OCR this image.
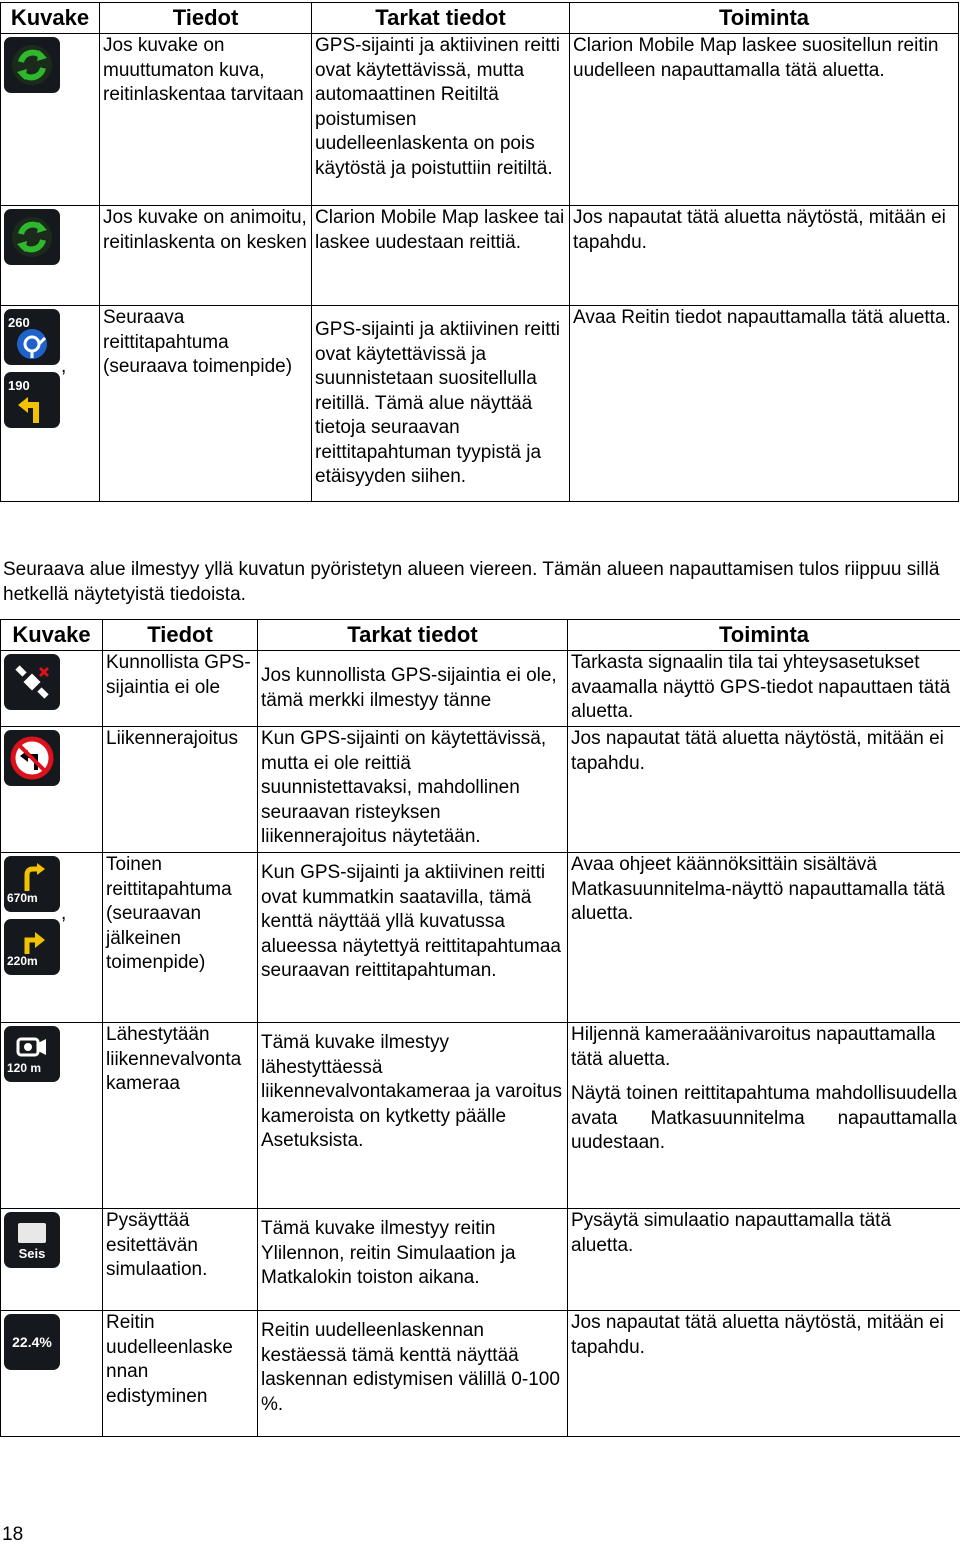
Kuvake	Tiedot	Tarkat tiedot	Toiminta

	Jos kuvake on muuttumaton kuva, reitinlaskentaa tarvitaan	GPS-sijainti ja aktiivinen reitti ovat käytettävissä, mutta automaattinen Reitiltä poistumisen uudelleenlaskenta on pois käytöstä ja poistuttiin reitiltä.	Clarion Mobile Map laskee suositellun reitin uudelleen napauttamalla tätä aluetta.

	Jos kuvake on animoitu, reitinlaskenta on kesken	Clarion Mobile Map laskee tai laskee uudestaan reittiä.	Jos napautat tätä aluetta näytöstä, mitään ei tapahdu.

260
190
,	Seuraava reittitapahtuma (seuraava toimenpide)	GPS-sijainti ja aktiivinen reitti ovat käytettävissä ja suunnistetaan suositellulla reitillä. Tämä alue näyttää tietoja seuraavan reittitapahtuman tyypistä ja etäisyyden siihen.	Avaa Reitin tiedot napauttamalla tätä aluetta.
Seuraava alue ilmestyy yllä kuvatun pyöristetyn alueen viereen. Tämän alueen napauttamisen tulos riippuu sillä hetkellä näytetyistä tiedoista.
Kuvake	Tiedot	Tarkat tiedot	Toiminta

	Kunnollista GPS-sijaintia ei ole	Jos kunnollista GPS-sijaintia ei ole, tämä merkki ilmestyy tänne	Tarkasta signaalin tila tai yhteysasetukset avaamalla näyttö GPS-tiedot napauttaen tätä aluetta.

	Liikennerajoitus	Kun GPS-sijainti on käytettävissä, mutta ei ole reittiä suunnistettavaksi, mahdollinen seuraavan risteyksen liikennerajoitus näytetään.	Jos napautat tätä aluetta näytöstä, mitään ei tapahdu.

670m
220m
,	Toinen reittitapahtuma (seuraavan jälkeinen toimenpide)	Kun GPS-sijainti ja aktiivinen reitti ovat kummatkin saatavilla, tämä kenttä näyttää yllä kuvatussa alueessa näytettyä reittitapahtumaa seuraavan reittitapahtuman.	Avaa ohjeet käännöksittäin sisältävä Matkasuunnitelma-näyttö napauttamalla tätä aluetta.

120 m	Lähestytään liikennevalvonta kameraa	Tämä kuvake ilmestyy lähestyttäessä liikennevalvontakameraa ja varoitus kameroista on kytketty päälle Asetuksista.	Hiljennä kameraäänivaroitus napauttamalla tätä aluetta.
Näytä toinen reittitapahtuma mahdollisuudella avata Matkasuunnitelma napauttamalla uudestaan.

Seis	Pysäyttää esitettävän simulaation.	Tämä kuvake ilmestyy reitin Ylilennon, reitin Simulaation ja Matkalokin toiston aikana.	Pysäytä simulaatio napauttamalla tätä aluetta.

22.4%	Reitin uudelleenlaske nnan edistyminen	Reitin uudelleenlaskennan kestäessä tämä kenttä näyttää laskennan edistymisen välillä 0-100 %.	Jos napautat tätä aluetta näytöstä, mitään ei tapahdu.
18
